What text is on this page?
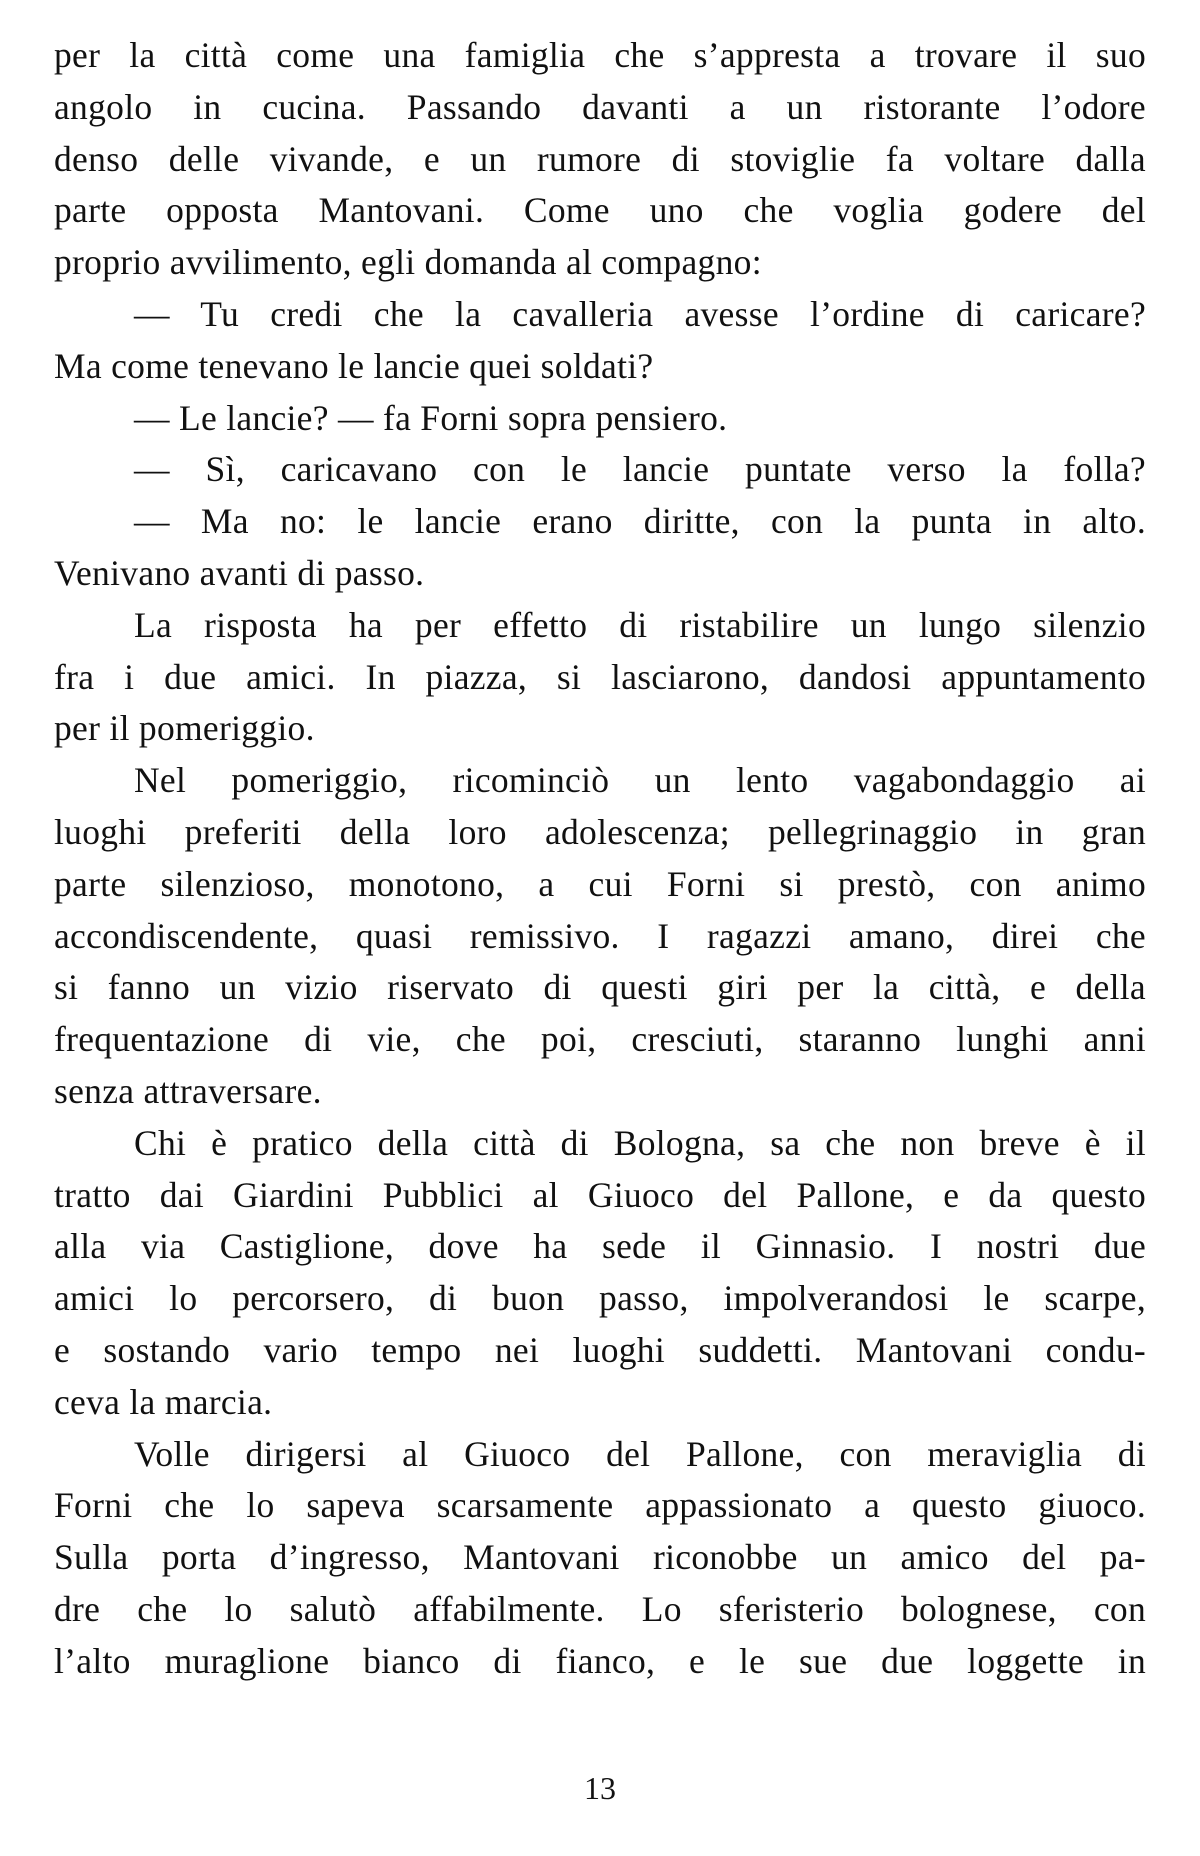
per la città come una famiglia che s’appresta a trovare il suo
angolo in cucina. Passando davanti a un ristorante l’odore
denso delle vivande, e un rumore di stoviglie fa voltare dalla
parte opposta Mantovani. Come uno che voglia godere del
proprio avvilimento, egli domanda al compagno:
— Tu credi che la cavalleria avesse l’ordine di caricare?
Ma come tenevano le lancie quei soldati?
— Le lancie? — fa Forni sopra pensiero.
— Sì, caricavano con le lancie puntate verso la folla?
— Ma no: le lancie erano diritte, con la punta in alto.
Venivano avanti di passo.
La risposta ha per effetto di ristabilire un lungo silenzio
fra i due amici. In piazza, si lasciarono, dandosi appuntamento
per il pomeriggio.
Nel pomeriggio, ricominciò un lento vagabondaggio ai
luoghi preferiti della loro adolescenza; pellegrinaggio in gran
parte silenzioso, monotono, a cui Forni si prestò, con animo
accondiscendente, quasi remissivo. I ragazzi amano, direi che
si fanno un vizio riservato di questi giri per la città, e della
frequentazione di vie, che poi, cresciuti, staranno lunghi anni
senza attraversare.
Chi è pratico della città di Bologna, sa che non breve è il
tratto dai Giardini Pubblici al Giuoco del Pallone, e da questo
alla via Castiglione, dove ha sede il Ginnasio. I nostri due
amici lo percorsero, di buon passo, impolverandosi le scarpe,
e sostando vario tempo nei luoghi suddetti. Mantovani condu-
ceva la marcia.
Volle dirigersi al Giuoco del Pallone, con meraviglia di
Forni che lo sapeva scarsamente appassionato a questo giuoco.
Sulla porta d’ingresso, Mantovani riconobbe un amico del pa-
dre che lo salutò affabilmente. Lo sferisterio bolognese, con
l’alto muraglione bianco di fianco, e le sue due loggette in
13
